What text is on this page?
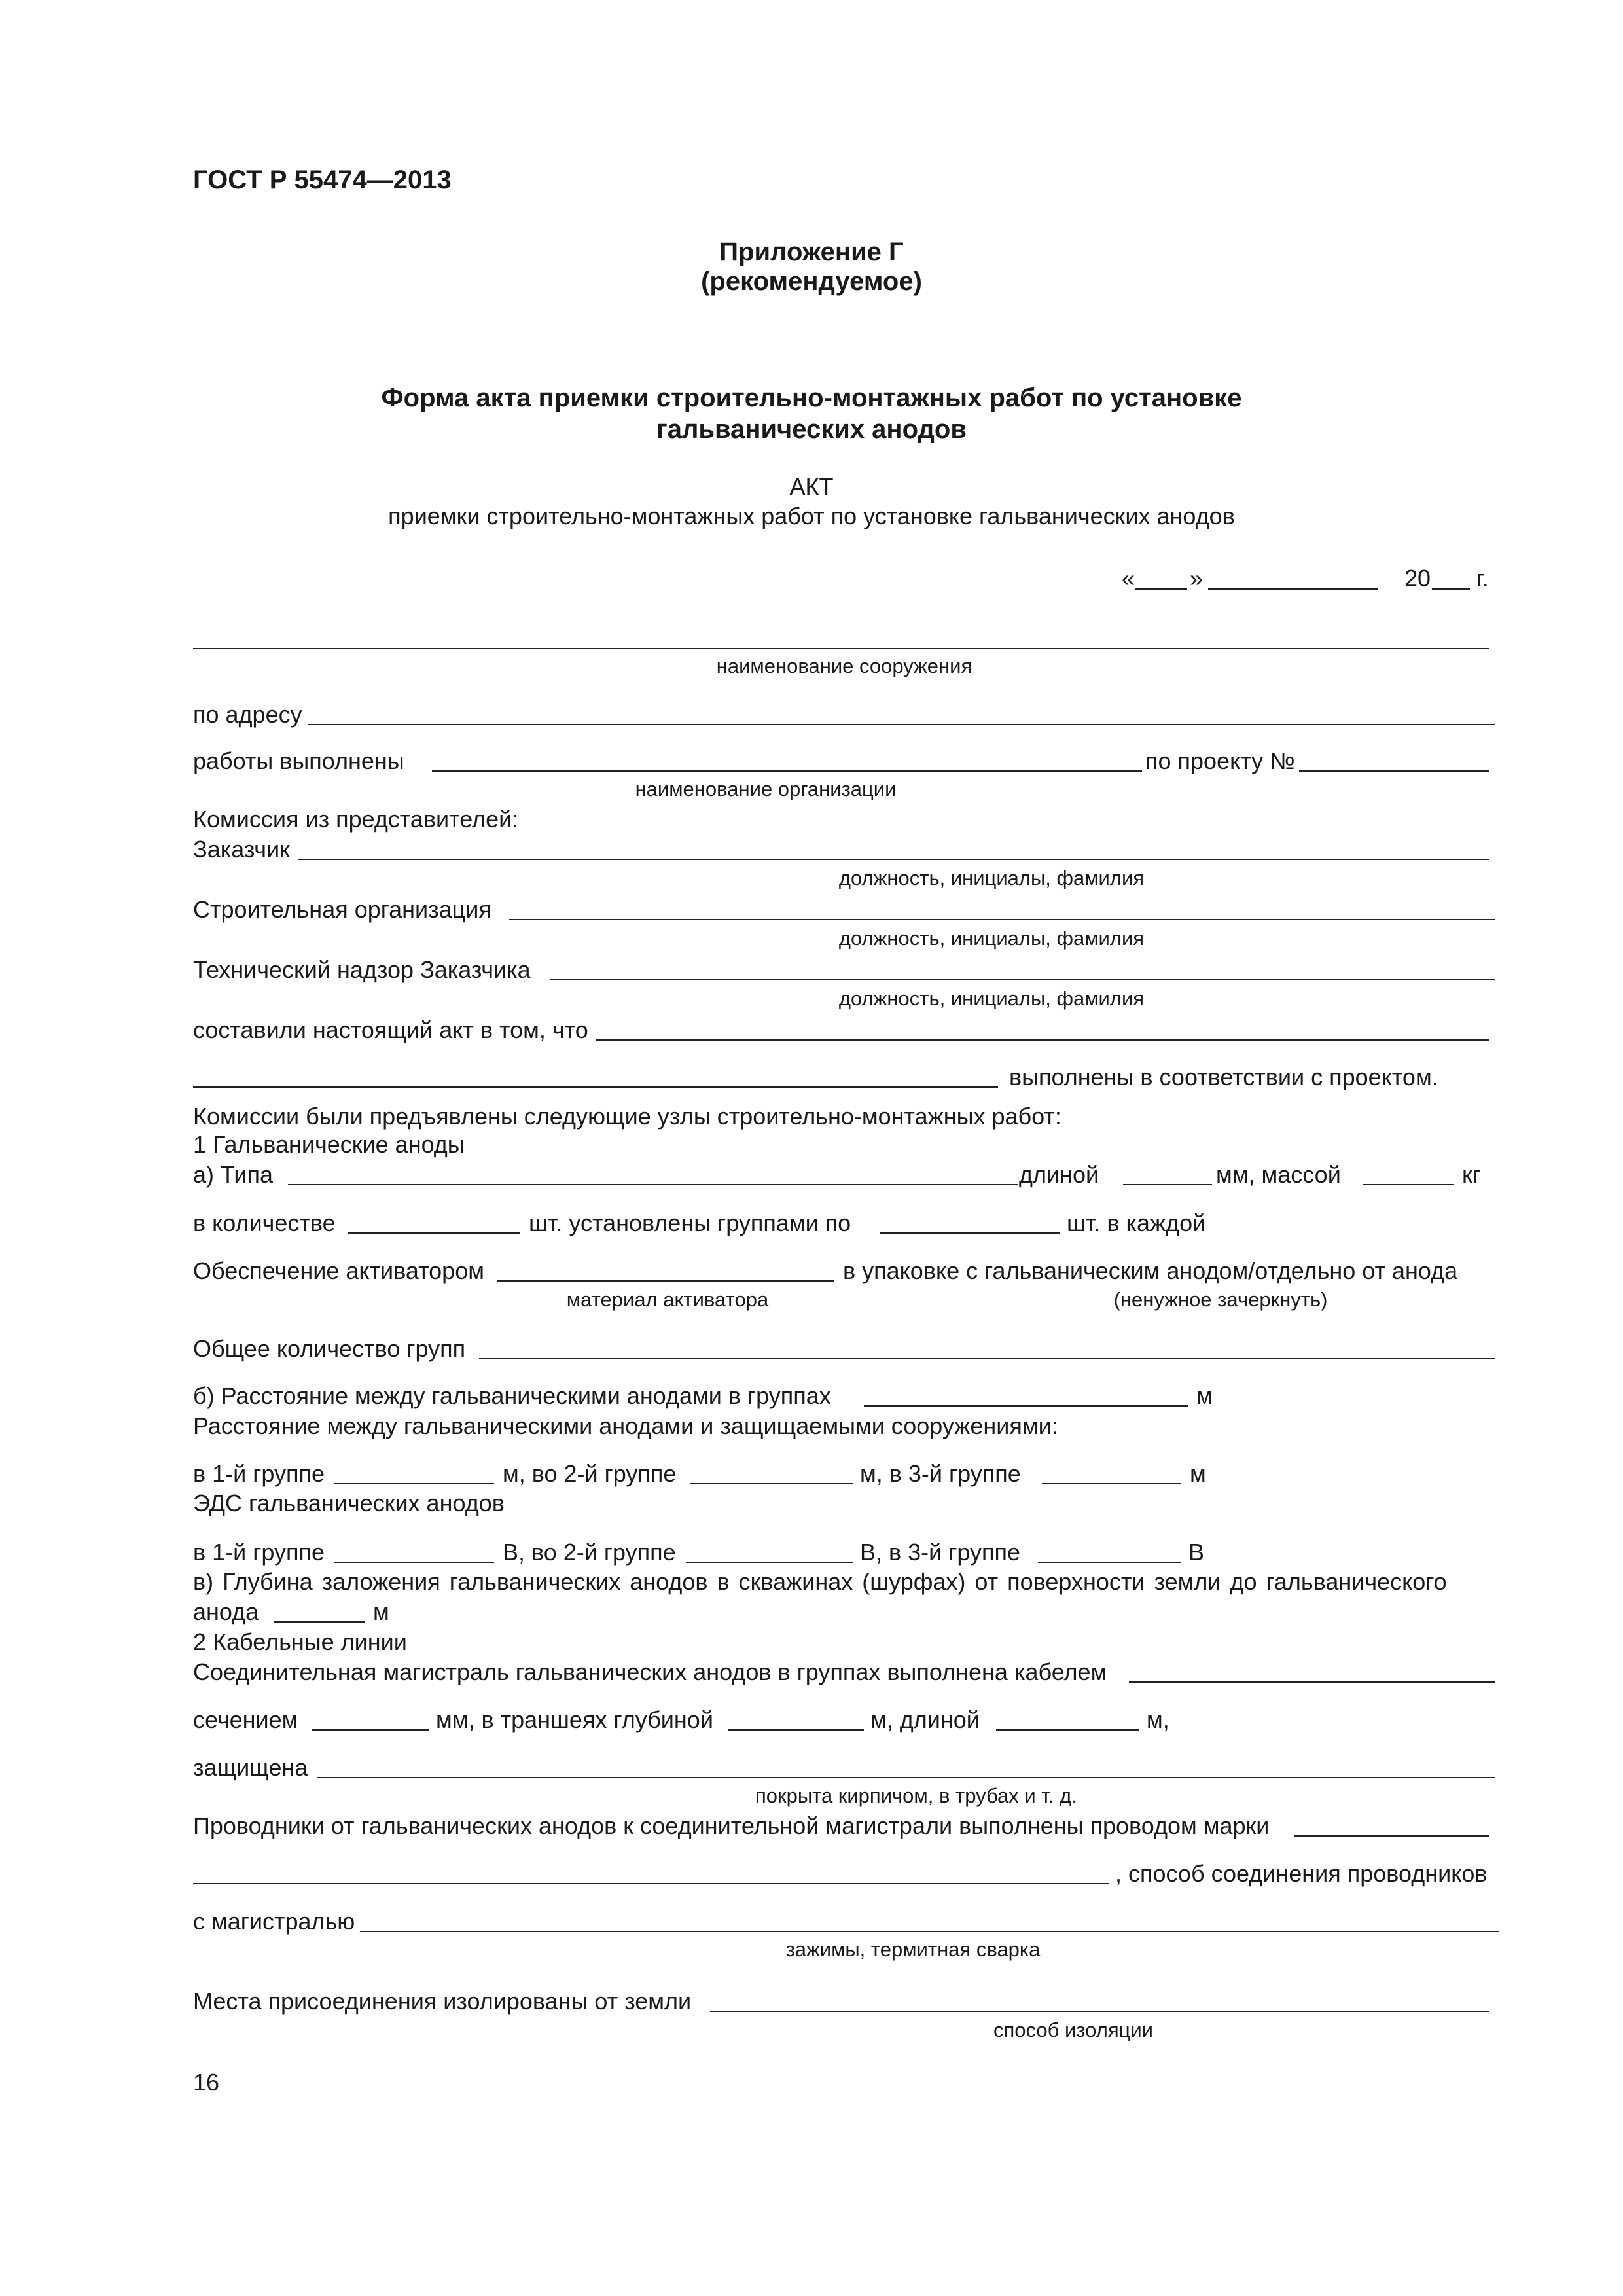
ГОСТ Р 55474—2013
Приложение Г
(рекомендуемое)
Форма акта приемки строительно-монтажных работ по установке
гальванических анодов
АКТ
приемки строительно-монтажных работ по установке гальванических анодов
« »	20 г.
наименование сооружения
по адресу
работы выполнены	по проекту №
наименование организации
Комиссия из представителей:
Заказчик
должность, инициалы, фамилия
Строительная организация
должность, инициалы, фамилия
Технический надзор Заказчика
должность, инициалы, фамилия
составили настоящий акт в том, что
выполнены в соответствии с проектом.
Комиссии были предъявлены следующие узлы строительно-монтажных работ:
1 Гальванические аноды
а) Типа	длиной	мм, массой	кг
в количестве	шт. установлены группами по	шт. в каждой
Обеспечение активатором	в упаковке с гальваническим анодом/отдельно от анода
материал активатора	(ненужное зачеркнуть)
Общее количество групп
б) Расстояние между гальваническими анодами в группах	м
Расстояние между гальваническими анодами и защищаемыми сооружениями:
в 1-й группе	м, во 2-й группе	м, в 3-й группе	м
ЭДС гальванических анодов
в 1-й группе	В, во 2-й группе	В, в 3-й группе	В
в) Глубина заложения гальванических анодов в скважинах (шурфах) от поверхности земли до гальванического
анода	м
2 Кабельные линии
Соединительная магистраль гальванических анодов в группах выполнена кабелем
сечением	мм, в траншеях глубиной	м, длиной	м,
защищена
покрыта кирпичом, в трубах и т. д.
Проводники от гальванических анодов к соединительной магистрали выполнены проводом марки
, способ соединения проводников
с магистралью
зажимы, термитная сварка
Места присоединения изолированы от земли
способ изоляции
16
